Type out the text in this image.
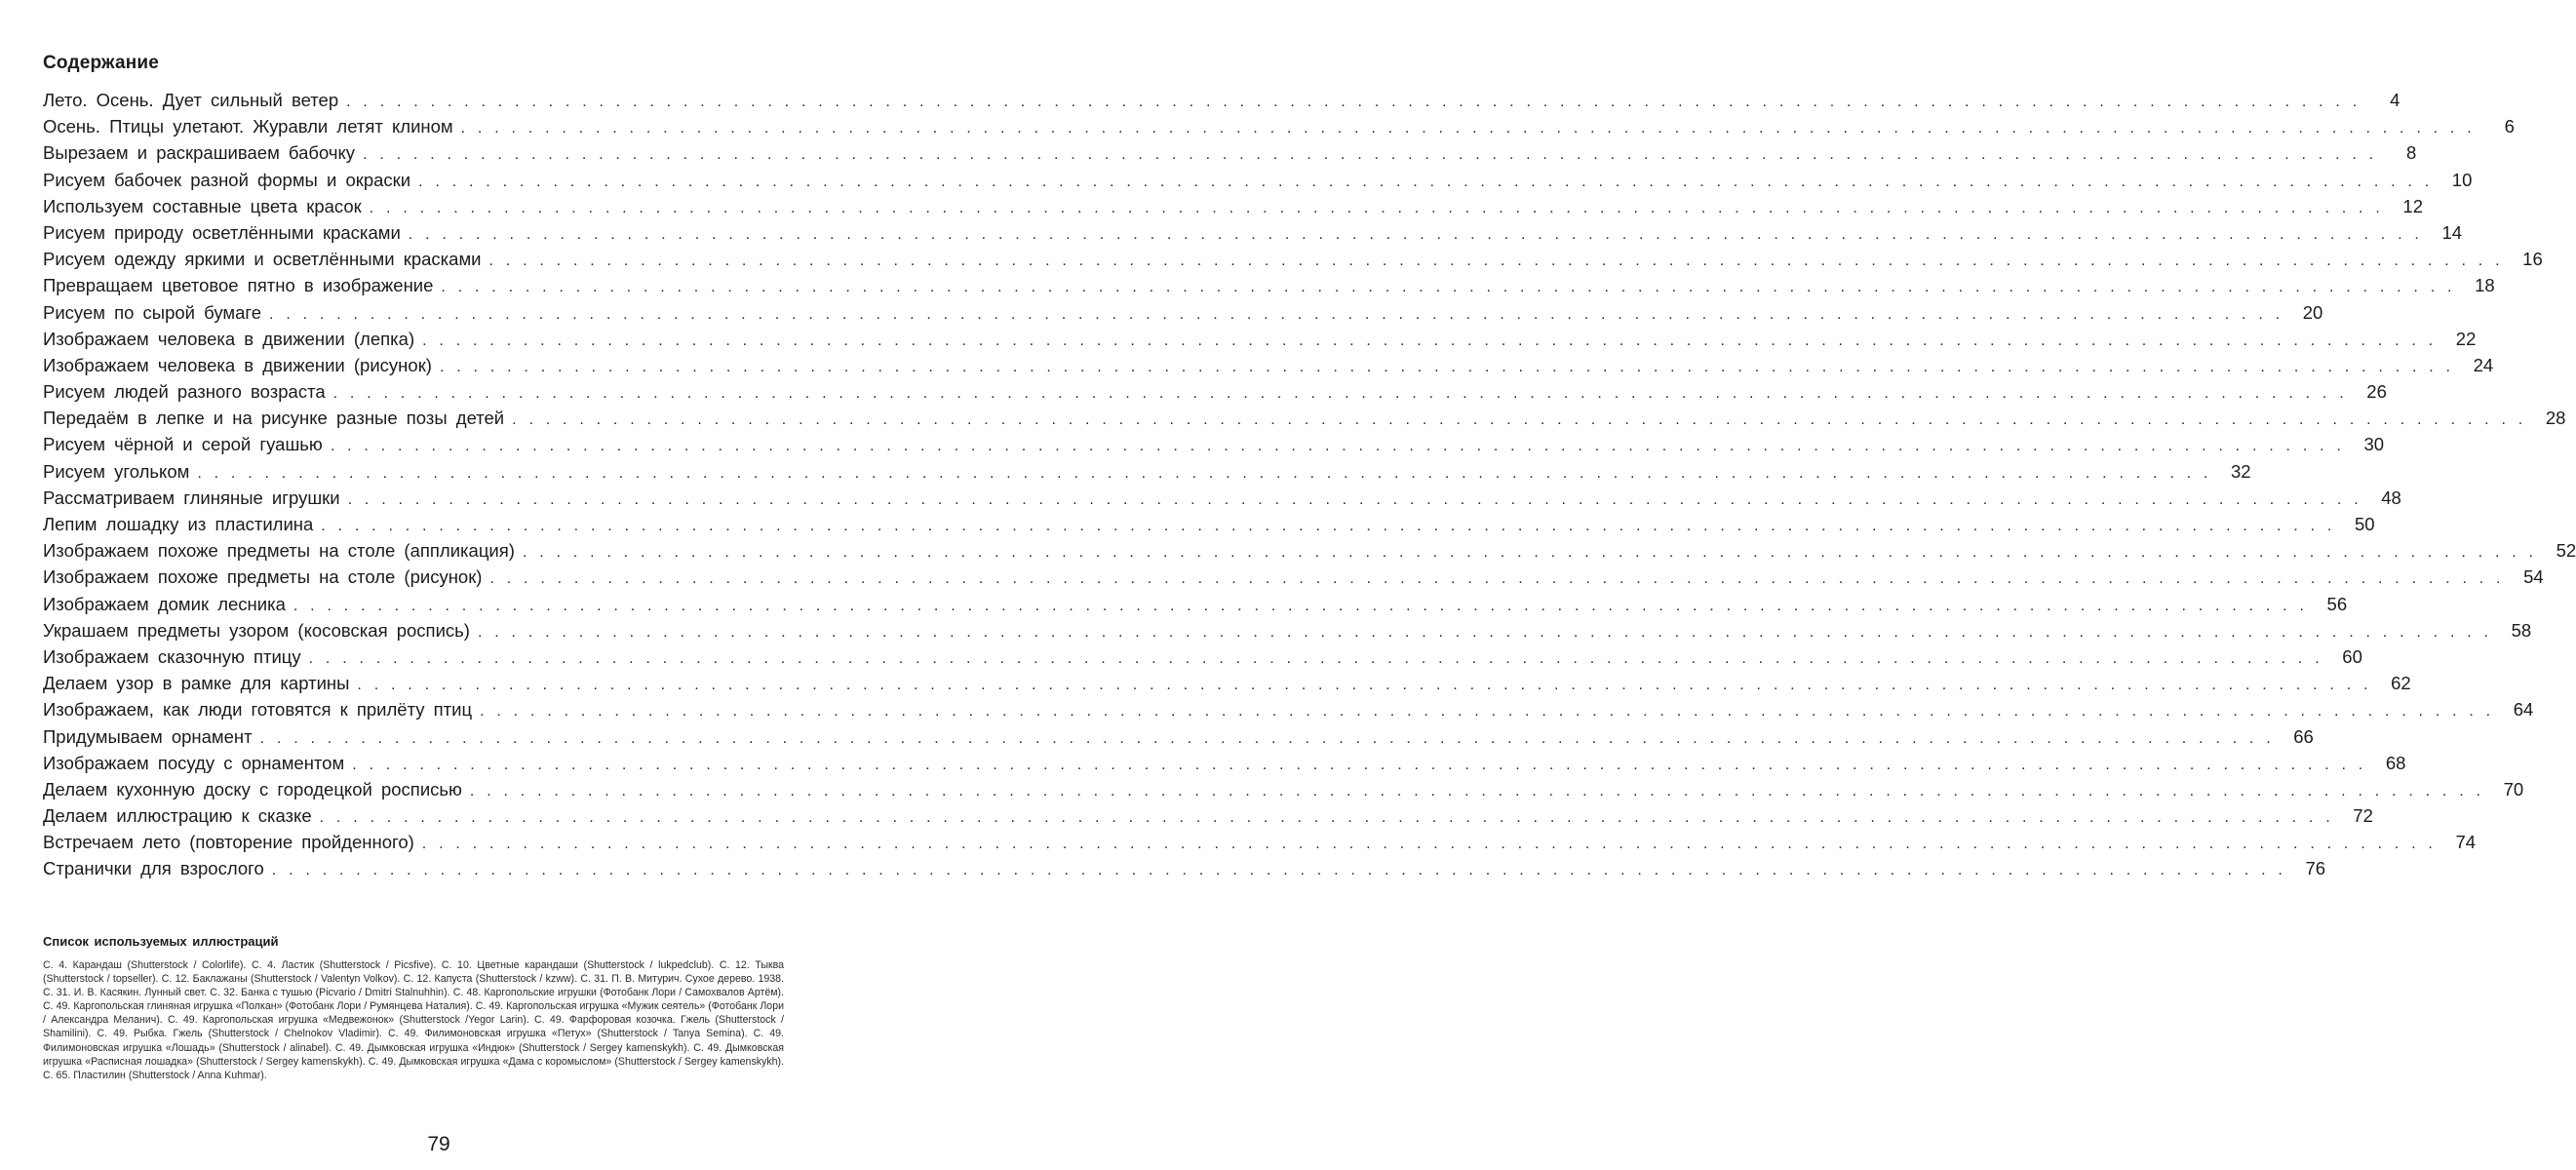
Содержание
Лето. Осень. Дует сильный ветер . . . . . . . . . . . . . . . . . . . . . . . . . . . . . . . . . . . . . . . . . . . . . . . . . . . . . . . . . . . . . . . . . . . . . . . . . . . . . . . . . . . . . . . . . . . . . . . . . . . . . . . . . . . . . . . . . . . . . . . .	4
Осень. Птицы улетают. Журавли летят клином . . . . . . . . . . . . . . . . . . . . . . . . . . . . . . . . . . . . . . . . . . . . . . . . . . . . . . . . . . . . . . . . . . . . . . . . . . . . . . . . . . . . . . . . . . . . . . . . . . . . . . . . . . . . . . . . . . . . . . . .	6
Вырезаем и раскрашиваем бабочку . . . . . . . . . . . . . . . . . . . . . . . . . . . . . . . . . . . . . . . . . . . . . . . . . . . . . . . . . . . . . . . . . . . . . . . . . . . . . . . . . . . . . . . . . . . . . . . . . . . . . . . . . . . . . . . . . . . . . . . .	8
Рисуем бабочек разной формы и окраски . . . . . . . . . . . . . . . . . . . . . . . . . . . . . . . . . . . . . . . . . . . . . . . . . . . . . . . . . . . . . . . . . . . . . . . . . . . . . . . . . . . . . . . . . . . . . . . . . . . . . . . . . . . . . . . . . . . . . . . .	10
Используем составные цвета красок . . . . . . . . . . . . . . . . . . . . . . . . . . . . . . . . . . . . . . . . . . . . . . . . . . . . . . . . . . . . . . . . . . . . . . . . . . . . . . . . . . . . . . . . . . . . . . . . . . . . . . . . . . . . . . . . . . . . . . . .	12
Рисуем природу осветлёнными красками . . . . . . . . . . . . . . . . . . . . . . . . . . . . . . . . . . . . . . . . . . . . . . . . . . . . . . . . . . . . . . . . . . . . . . . . . . . . . . . . . . . . . . . . . . . . . . . . . . . . . . . . . . . . . . . . . . . . . . . .	14
Рисуем одежду яркими и осветлёнными красками . . . . . . . . . . . . . . . . . . . . . . . . . . . . . . . . . . . . . . . . . . . . . . . . . . . . . . . . . . . . . . . . . . . . . . . . . . . . . . . . . . . . . . . . . . . . . . . . . . . . . . . . . . . . . . . . . . . . . . . .	16
Превращаем цветовое пятно в изображение . . . . . . . . . . . . . . . . . . . . . . . . . . . . . . . . . . . . . . . . . . . . . . . . . . . . . . . . . . . . . . . . . . . . . . . . . . . . . . . . . . . . . . . . . . . . . . . . . . . . . . . . . . . . . . . . . . . . . . . .	18
Рисуем по сырой бумаге . . . . . . . . . . . . . . . . . . . . . . . . . . . . . . . . . . . . . . . . . . . . . . . . . . . . . . . . . . . . . . . . . . . . . . . . . . . . . . . . . . . . . . . . . . . . . . . . . . . . . . . . . . . . . . . . . . . . . . . .	20
Изображаем человека в движении (лепка) . . . . . . . . . . . . . . . . . . . . . . . . . . . . . . . . . . . . . . . . . . . . . . . . . . . . . . . . . . . . . . . . . . . . . . . . . . . . . . . . . . . . . . . . . . . . . . . . . . . . . . . . . . . . . . . . . . . . . . . .	22
Изображаем человека в движении (рисунок) . . . . . . . . . . . . . . . . . . . . . . . . . . . . . . . . . . . . . . . . . . . . . . . . . . . . . . . . . . . . . . . . . . . . . . . . . . . . . . . . . . . . . . . . . . . . . . . . . . . . . . . . . . . . . . . . . . . . . . . .	24
Рисуем людей разного возраста . . . . . . . . . . . . . . . . . . . . . . . . . . . . . . . . . . . . . . . . . . . . . . . . . . . . . . . . . . . . . . . . . . . . . . . . . . . . . . . . . . . . . . . . . . . . . . . . . . . . . . . . . . . . . . . . . . . . . . . .	26
Передаём в лепке и на рисунке разные позы детей . . . . . . . . . . . . . . . . . . . . . . . . . . . . . . . . . . . . . . . . . . . . . . . . . . . . . . . . . . . . . . . . . . . . . . . . . . . . . . . . . . . . . . . . . . . . . . . . . . . . . . . . . . . . . . . . . . . . . . . .	28
Рисуем чёрной и серой гуашью . . . . . . . . . . . . . . . . . . . . . . . . . . . . . . . . . . . . . . . . . . . . . . . . . . . . . . . . . . . . . . . . . . . . . . . . . . . . . . . . . . . . . . . . . . . . . . . . . . . . . . . . . . . . . . . . . . . . . . . .	30
Рисуем угольком . . . . . . . . . . . . . . . . . . . . . . . . . . . . . . . . . . . . . . . . . . . . . . . . . . . . . . . . . . . . . . . . . . . . . . . . . . . . . . . . . . . . . . . . . . . . . . . . . . . . . . . . . . . . . . . . . . . . . . . .	32
Рассматриваем глиняные игрушки . . . . . . . . . . . . . . . . . . . . . . . . . . . . . . . . . . . . . . . . . . . . . . . . . . . . . . . . . . . . . . . . . . . . . . . . . . . . . . . . . . . . . . . . . . . . . . . . . . . . . . . . . . . . . . . . . . . . . . . .	48
Лепим лошадку из пластилина . . . . . . . . . . . . . . . . . . . . . . . . . . . . . . . . . . . . . . . . . . . . . . . . . . . . . . . . . . . . . . . . . . . . . . . . . . . . . . . . . . . . . . . . . . . . . . . . . . . . . . . . . . . . . . . . . . . . . . . .	50
Изображаем похоже предметы на столе (аппликация) . . . . . . . . . . . . . . . . . . . . . . . . . . . . . . . . . . . . . . . . . . . . . . . . . . . . . . . . . . . . . . . . . . . . . . . . . . . . . . . . . . . . . . . . . . . . . . . . . . . . . . . . . . . . . . . . . . . . . . . .	52
Изображаем похоже предметы на столе (рисунок) . . . . . . . . . . . . . . . . . . . . . . . . . . . . . . . . . . . . . . . . . . . . . . . . . . . . . . . . . . . . . . . . . . . . . . . . . . . . . . . . . . . . . . . . . . . . . . . . . . . . . . . . . . . . . . . . . . . . . . . .	54
Изображаем домик лесника . . . . . . . . . . . . . . . . . . . . . . . . . . . . . . . . . . . . . . . . . . . . . . . . . . . . . . . . . . . . . . . . . . . . . . . . . . . . . . . . . . . . . . . . . . . . . . . . . . . . . . . . . . . . . . . . . . . . . . . .	56
Украшаем предметы узором (косовская роспись) . . . . . . . . . . . . . . . . . . . . . . . . . . . . . . . . . . . . . . . . . . . . . . . . . . . . . . . . . . . . . . . . . . . . . . . . . . . . . . . . . . . . . . . . . . . . . . . . . . . . . . . . . . . . . . . . . . . . . . . .	58
Изображаем сказочную птицу . . . . . . . . . . . . . . . . . . . . . . . . . . . . . . . . . . . . . . . . . . . . . . . . . . . . . . . . . . . . . . . . . . . . . . . . . . . . . . . . . . . . . . . . . . . . . . . . . . . . . . . . . . . . . . . . . . . . . . . .	60
Делаем узор в рамке для картины . . . . . . . . . . . . . . . . . . . . . . . . . . . . . . . . . . . . . . . . . . . . . . . . . . . . . . . . . . . . . . . . . . . . . . . . . . . . . . . . . . . . . . . . . . . . . . . . . . . . . . . . . . . . . . . . . . . . . . . .	62
Изображаем, как люди готовятся к прилёту птиц . . . . . . . . . . . . . . . . . . . . . . . . . . . . . . . . . . . . . . . . . . . . . . . . . . . . . . . . . . . . . . . . . . . . . . . . . . . . . . . . . . . . . . . . . . . . . . . . . . . . . . . . . . . . . . . . . . . . . . . .	64
Придумываем орнамент . . . . . . . . . . . . . . . . . . . . . . . . . . . . . . . . . . . . . . . . . . . . . . . . . . . . . . . . . . . . . . . . . . . . . . . . . . . . . . . . . . . . . . . . . . . . . . . . . . . . . . . . . . . . . . . . . . . . . . . .	66
Изображаем посуду с орнаментом . . . . . . . . . . . . . . . . . . . . . . . . . . . . . . . . . . . . . . . . . . . . . . . . . . . . . . . . . . . . . . . . . . . . . . . . . . . . . . . . . . . . . . . . . . . . . . . . . . . . . . . . . . . . . . . . . . . . . . . .	68
Делаем кухонную доску с городецкой росписью . . . . . . . . . . . . . . . . . . . . . . . . . . . . . . . . . . . . . . . . . . . . . . . . . . . . . . . . . . . . . . . . . . . . . . . . . . . . . . . . . . . . . . . . . . . . . . . . . . . . . . . . . . . . . . . . . . . . . . . .	70
Делаем иллюстрацию к сказке . . . . . . . . . . . . . . . . . . . . . . . . . . . . . . . . . . . . . . . . . . . . . . . . . . . . . . . . . . . . . . . . . . . . . . . . . . . . . . . . . . . . . . . . . . . . . . . . . . . . . . . . . . . . . . . . . . . . . . . .	72
Встречаем лето (повторение пройденного) . . . . . . . . . . . . . . . . . . . . . . . . . . . . . . . . . . . . . . . . . . . . . . . . . . . . . . . . . . . . . . . . . . . . . . . . . . . . . . . . . . . . . . . . . . . . . . . . . . . . . . . . . . . . . . . . . . . . . . . .	74
Странички для взрослого . . . . . . . . . . . . . . . . . . . . . . . . . . . . . . . . . . . . . . . . . . . . . . . . . . . . . . . . . . . . . . . . . . . . . . . . . . . . . . . . . . . . . . . . . . . . . . . . . . . . . . . . . . . . . . . . . . . . . . . .	76
Список используемых иллюстраций

С. 4. Карандаш (Shutterstock / Colorlife). С. 4. Ластик (Shutterstock / Picsfive). С. 10. Цветные карандаши (Shutterstock / lukpedclub). С. 12. Тыква (Shutterstock / topseller). С. 12. Баклажаны (Shutterstock / Valentyn Volkov). С. 12. Капуста (Shutterstock / kzww). С. 31. П. В. Митурич. Сухое дерево. 1938. С. 31. И. В. Касякин. Лунный свет. С. 32. Банка с тушью (Picvario / Dmitri Stalnuhhin). С. 48. Каргопольские игрушки (Фотобанк Лори / Самохвалов Артём). С. 49. Каргопольская глиняная игрушка «Полкан» (Фотобанк Лори / Румянцева Наталия). С. 49. Каргопольская игрушка «Мужик сеятель» (Фотобанк Лори / Александра Меланич). С. 49. Каргопольская игрушка «Медвежонок» (Shutterstock /Yegor Larin). С. 49. Фарфоровая козочка. Гжель (Shutterstock / Shamilini). С. 49. Рыбка. Гжель (Shutterstock / Chelnokov Vladimir). С. 49. Филимоновская игрушка «Петух» (Shutterstock / Tanya Semina). С. 49. Филимоновская игрушка «Лошадь» (Shutterstock / alinabel). С. 49. Дымковская игрушка «Индюк» (Shutterstock / Sergey kamenskykh). С. 49. Дымковская игрушка «Расписная лошадка» (Shutterstock / Sergey kamenskykh). С. 49. Дымковская игрушка «Дама с коромыслом» (Shutterstock / Sergey kamenskykh). С. 65. Пластилин (Shutterstock / Anna Kuhmar).

79
